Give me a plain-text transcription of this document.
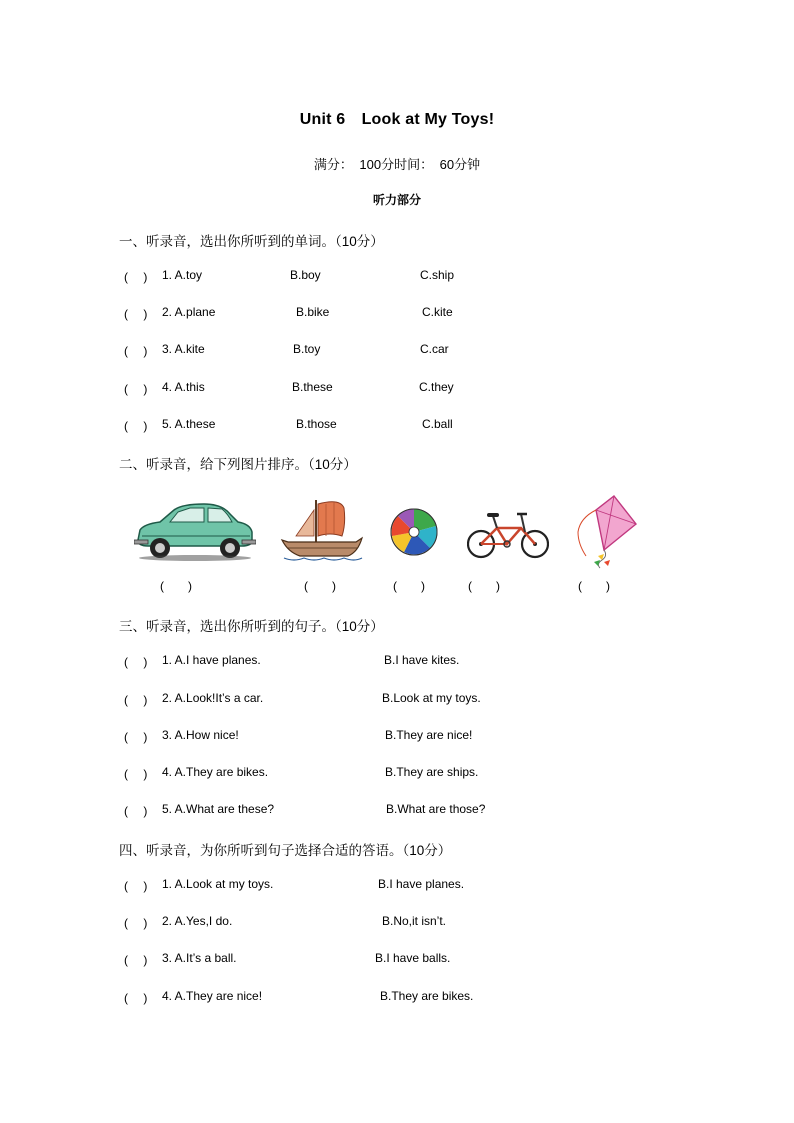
Unit 6　Look at My Toys!
满分：　100分时间：　60分钟
听力部分
一、听录音，选出你所听到的单词。（10分）
(　 ) 1. A.toy	B.boy	C.ship
(　 ) 2. A.plane	B.bike	C.kite
(　 ) 3. A.kite	B.toy	C.car
(　 ) 4. A.this	B.these	C.they
(　 ) 5. A.these	B.those	C.ball
二、听录音，给下列图片排序。（10分）
(　　)	(　　)	(　　)	(　　)	(　　)
三、听录音，选出你所听到的句子。（10分）
(　 ) 1. A.I have planes.	B.I have kites.
(　 ) 2. A.Look!It’s a car.	B.Look at my toys.
(　 ) 3. A.How nice!	B.They are nice!
(　 ) 4. A.They are bikes.	B.They are ships.
(　 ) 5. A.What are these?	B.What are those?
四、听录音，为你所听到句子选择合适的答语。（10分）
(　 ) 1. A.Look at my toys.	B.I have planes.
(　 ) 2. A.Yes,I do.	B.No,it isn’t.
(　 ) 3. A.It’s a ball.	B.I have balls.
(　 ) 4. A.They are nice!	B.They are bikes.
